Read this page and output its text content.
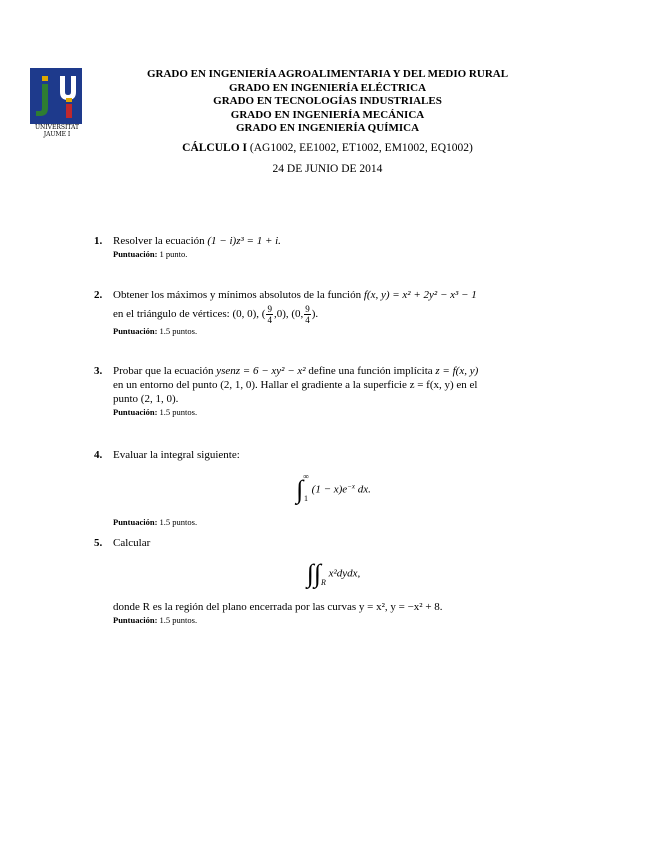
UNIVERSITAT
JAUME I
GRADO EN INGENIERÍA AGROALIMENTARIA Y DEL MEDIO RURAL
GRADO EN INGENIERÍA ELÉCTRICA
GRADO EN TECNOLOGÍAS INDUSTRIALES
GRADO EN INGENIERÍA MECÁNICA
GRADO EN INGENIERÍA QUÍMICA
CÁLCULO I (AG1002, EE1002, ET1002, EM1002, EQ1002)
24 DE JUNIO DE 2014
1. Resolver la ecuación (1 − i)z³ = 1 + i.
Puntuación: 1 punto.
2. Obtener los máximos y mínimos absolutos de la función f(x, y) = x² + 2y² − x³ − 1
en el triángulo de vértices: (0, 0), ( $\frac{9}{4} ,0$), (0, $\frac{9}{4}$ ).
Puntuación: 1.5 puntos.
3. Probar que la ecuación ysenz = 6 − xy² − x² define una función implícita z = f(x, y)
en un entorno del punto (2, 1, 0). Hallar el gradiente a la superficie z = f(x, y) en el
punto (2, 1, 0).
Puntuación: 1.5 puntos.
4. Evaluar la integral siguiente:
∫ ∞
1
$(1 - x)e^{-x}$ dx.
Puntuación: 1.5 puntos.
5. Calcular
∫∫
R
x²dydx,
donde R es la región del plano encerrada por las curvas y = x², y = −x² + 8.
Puntuación: 1.5 puntos.
